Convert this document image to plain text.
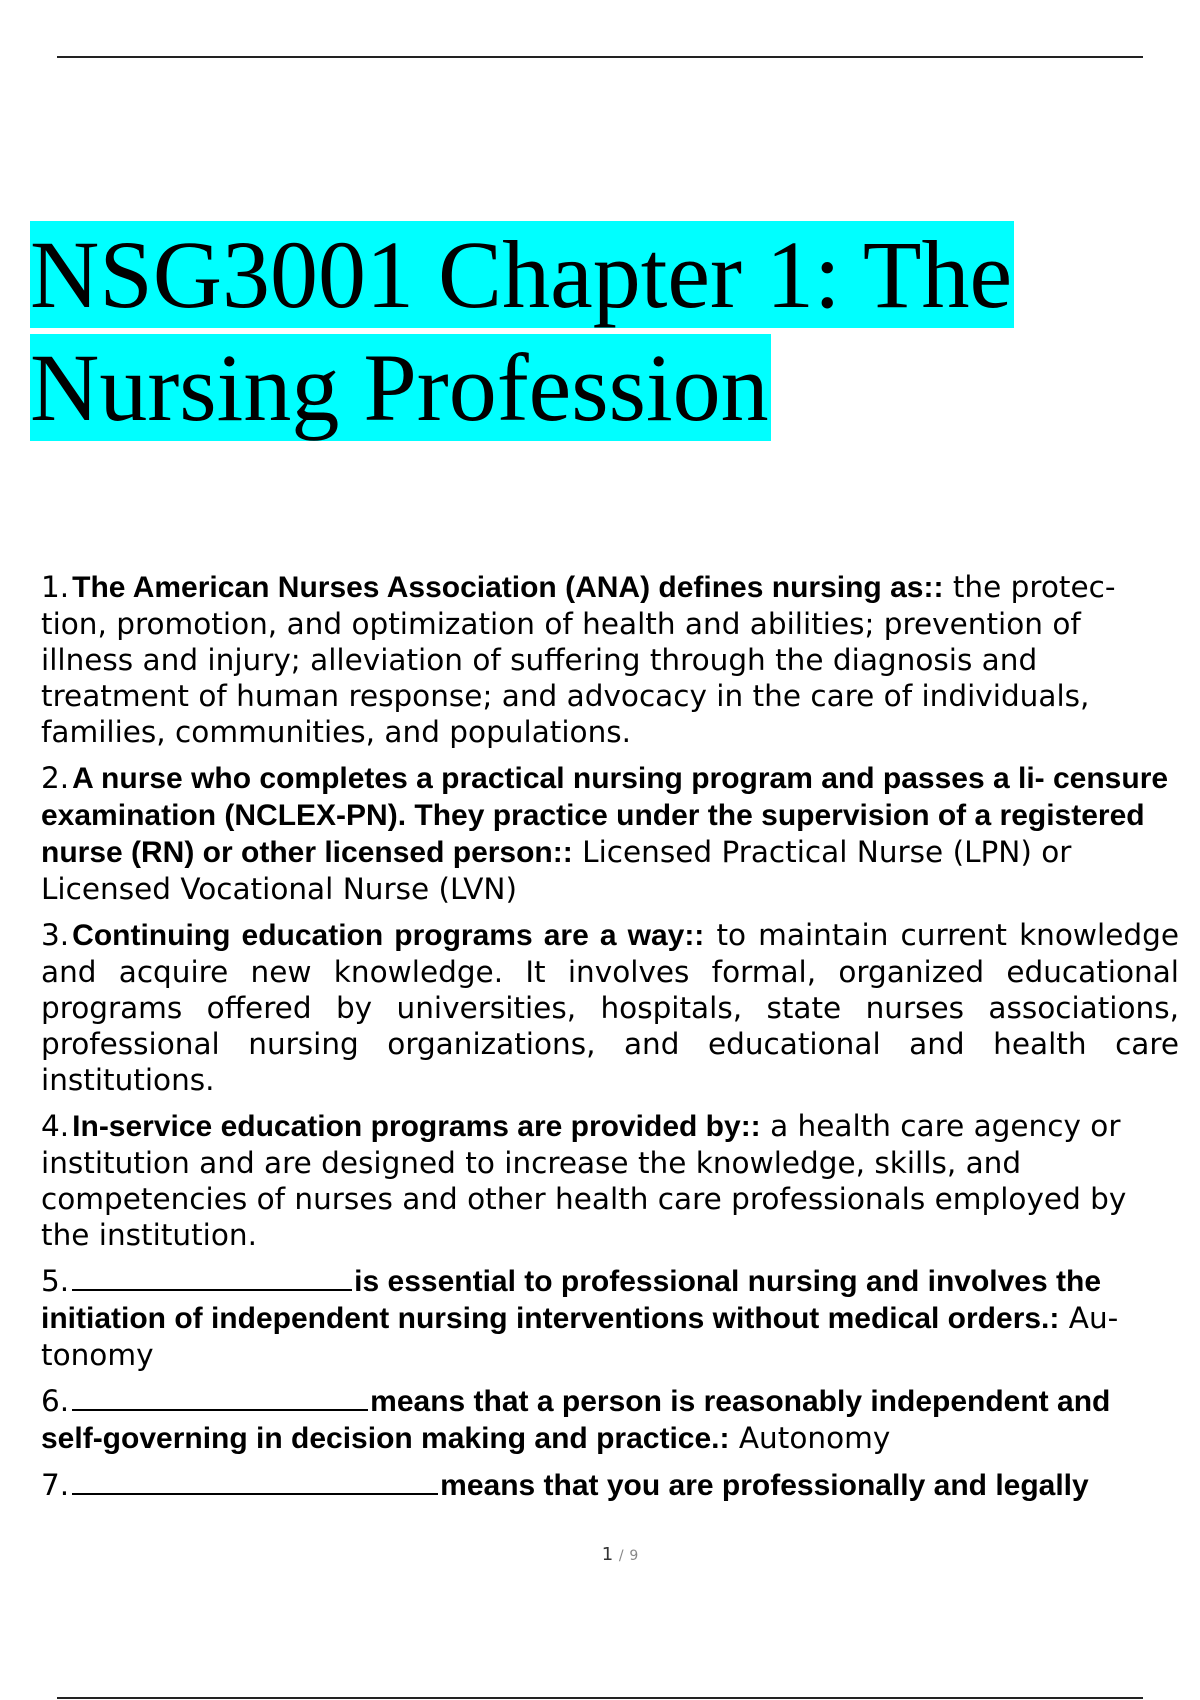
NSG3001 Chapter 1: The
Nursing Profession
1. The American Nurses Association (ANA) defines nursing as:: the protec- tion, promotion, and optimization of health and abilities; prevention of illness and injury; alleviation of suffering through the diagnosis and treatment of human response; and advocacy in the care of individuals, families, communities, and populations.
2. A nurse who completes a practical nursing program and passes a li- censure examination (NCLEX-PN). They practice under the supervision of a registered nurse (RN) or other licensed person:: Licensed Practical Nurse (LPN) or Licensed Vocational Nurse (LVN)
3. Continuing education programs are a way:: to maintain current knowledge and acquire new knowledge. It involves formal, organized educational programs offered by universities, hospitals, state nurses associations, professional nursing organizations, and educational and health care institutions.
4. In-service education programs are provided by:: a health care agency or institution and are designed to increase the knowledge, skills, and competencies of nurses and other health care professionals employed by the institution.
5.	is essential to professional nursing and involves the initiation of independent nursing interventions without medical orders.: Au- tonomy
6.	means that a person is reasonably independent and self-governing in decision making and practice.: Autonomy
7.	means that you are professionally and legally
1 / 9
